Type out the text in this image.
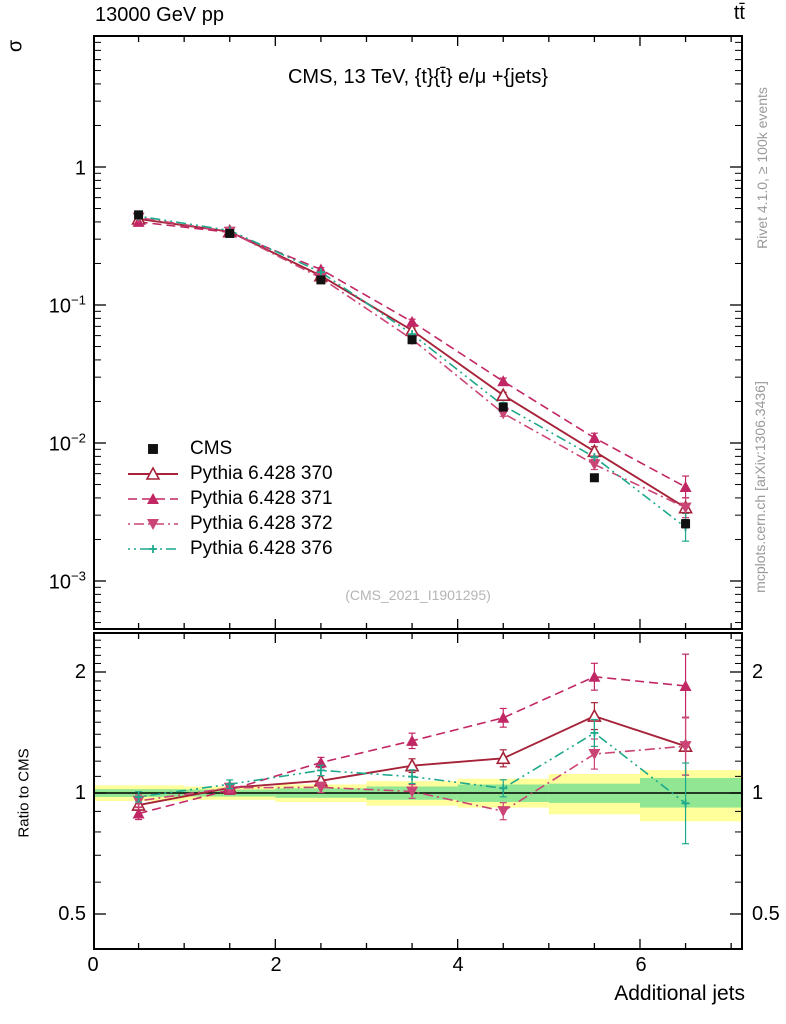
13000 GeV pp	tt̄
σ
CMS, 13 TeV, {t}{t̄} e/μ +{jets}
1
$10^{-1}$
$10^{-2}$
$10^{-3}$
2
1
0.5
2
1
0.5
0	2	4	6
Additional jets
Ratio to CMS
Rivet 4.1.0, ≥ 100k events
mcplots.cern.ch [arXiv:1306.3436]
(CMS_2021_I1901295)
CMS
Pythia 6.428 370
Pythia 6.428 371
Pythia 6.428 372
Pythia 6.428 376
